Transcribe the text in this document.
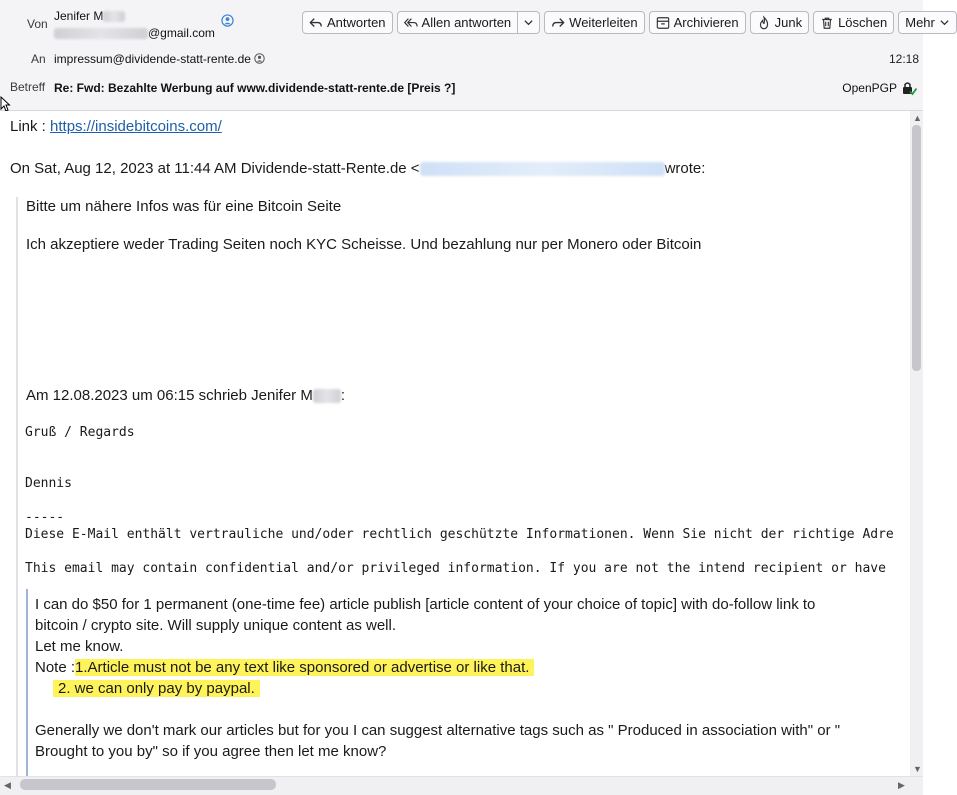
Von
Jenifer M
@gmail.com
Antworten	Allen antworten	Weiterleiten	Archivieren	Junk	Löschen Mehr
An impressum@dividende-statt-rente.de	12:18
Betreff Re: Fwd: Bezahlte Werbung auf www.dividende-statt-rente.de [Preis ?]	OpenPGP
Link : https://insidebitcoins.com/
On Sat, Aug 12, 2023 at 11:44 AM Dividende-statt-Rente.de <	wrote:
Bitte um nähere Infos was für eine Bitcoin Seite
Ich akzeptiere weder Trading Seiten noch KYC Scheisse. Und bezahlung nur per Monero oder Bitcoin
Am 12.08.2023 um 06:15 schrieb Jenifer M :
Gruß / Regards
Dennis
-----
Diese E-Mail enthält vertrauliche und/oder rechtlich geschützte Informationen. Wenn Sie nicht der richtige Adre
This email may contain confidential and/or privileged information. If you are not the intend recipient or have
I can do $50 for 1 permanent (one-time fee) article publish [article content of your choice of topic] with do-follow link to
bitcoin / crypto site. Will supply unique content as well.
Let me know.
Note :1.Article must not be any text like sponsored or advertise or like that.
2. we can only pay by paypal.
Generally we don't mark our articles but for you I can suggest alternative tags such as " Produced in association with" or "
Brought to you by" so if you agree then let me know?
▲
▼
◀	▶
